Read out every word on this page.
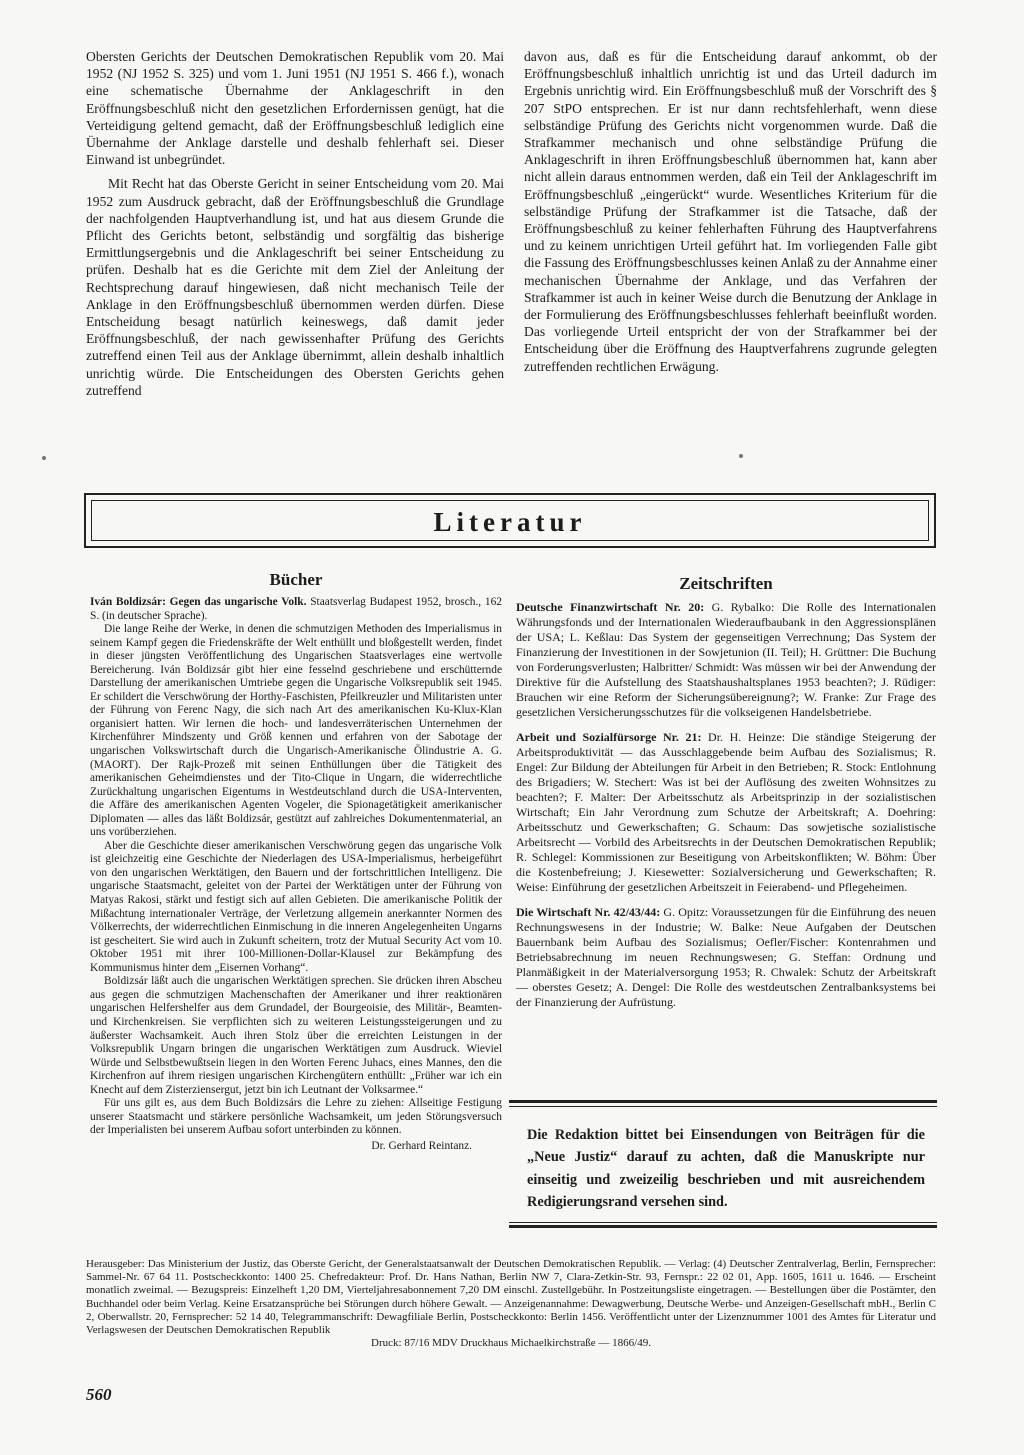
Obersten Gerichts der Deutschen Demokratischen Republik vom 20. Mai 1952 (NJ 1952 S. 325) und vom 1. Juni 1951 (NJ 1951 S. 466 f.), wonach eine schematische Übernahme der Anklageschrift in den Eröffnungsbeschluß nicht den gesetzlichen Erfordernissen genügt, hat die Verteidigung geltend gemacht, daß der Eröffnungsbeschluß lediglich eine Übernahme der Anklage darstelle und deshalb fehlerhaft sei. Dieser Einwand ist unbegründet.

Mit Recht hat das Oberste Gericht in seiner Entscheidung vom 20. Mai 1952 zum Ausdruck gebracht, daß der Eröffnungsbeschluß die Grundlage der nachfolgenden Hauptverhandlung ist, und hat aus diesem Grunde die Pflicht des Gerichts betont, selbständig und sorgfältig das bisherige Ermittlungsergebnis und die Anklageschrift bei seiner Entscheidung zu prüfen. Deshalb hat es die Gerichte mit dem Ziel der Anleitung der Rechtsprechung darauf hingewiesen, daß nicht mechanisch Teile der Anklage in den Eröffnungsbeschluß übernommen werden dürfen. Diese Entscheidung besagt natürlich keineswegs, daß damit jeder Eröffnungsbeschluß, der nach gewissenhafter Prüfung des Gerichts zutreffend einen Teil aus der Anklage übernimmt, allein deshalb inhaltlich unrichtig würde. Die Entscheidungen des Obersten Gerichts gehen zutreffend

davon aus, daß es für die Entscheidung darauf ankommt, ob der Eröffnungsbeschluß inhaltlich unrichtig ist und das Urteil dadurch im Ergebnis unrichtig wird. Ein Eröffnungsbeschluß muß der Vorschrift des § 207 StPO entsprechen. Er ist nur dann rechtsfehlerhaft, wenn diese selbständige Prüfung des Gerichts nicht vorgenommen wurde. Daß die Strafkammer mechanisch und ohne selbständige Prüfung die Anklageschrift in ihren Eröffnungsbeschluß übernommen hat, kann aber nicht allein daraus entnommen werden, daß ein Teil der Anklageschrift im Eröffnungsbeschluß „eingerückt“ wurde. Wesentliches Kriterium für die selbständige Prüfung der Strafkammer ist die Tatsache, daß der Eröffnungsbeschluß zu keiner fehlerhaften Führung des Hauptverfahrens und zu keinem unrichtigen Urteil geführt hat. Im vorliegenden Falle gibt die Fassung des Eröffnungsbeschlusses keinen Anlaß zu der Annahme einer mechanischen Übernahme der Anklage, und das Verfahren der Strafkammer ist auch in keiner Weise durch die Benutzung der Anklage in der Formulierung des Eröffnungsbeschlusses fehlerhaft beeinflußt worden. Das vorliegende Urteil entspricht der von der Strafkammer bei der Entscheidung über die Eröffnung des Hauptverfahrens zugrunde gelegten zutreffenden rechtlichen Erwägung.

Literatur
Bücher	Zeitschriften

Iván Boldizsár: Gegen das ungarische Volk. Staatsverlag Budapest 1952, brosch., 162 S. (in deutscher Sprache).

Die lange Reihe der Werke, in denen die schmutzigen Methoden des Imperialismus in seinem Kampf gegen die Friedenskräfte der Welt enthüllt und bloßgestellt werden, findet in dieser jüngsten Veröffentlichung des Ungarischen Staatsverlages eine wertvolle Bereicherung. Iván Boldizsár gibt hier eine fesselnd geschriebene und erschütternde Darstellung der amerikanischen Umtriebe gegen die Ungarische Volksrepublik seit 1945. Er schildert die Verschwörung der Horthy-Faschisten, Pfeilkreuzler und Militaristen unter der Führung von Ferenc Nagy, die sich nach Art des amerikanischen Ku-Klux-Klan organisiert hatten. Wir lernen die hoch- und landesverräterischen Unternehmen der Kirchenführer Mindszenty und Größ kennen und erfahren von der Sabotage der ungarischen Volkswirtschaft durch die Ungarisch-Amerikanische Ölindustrie A. G. (MAORT). Der Rajk-Prozeß mit seinen Enthüllungen über die Tätigkeit des amerikanischen Geheimdienstes und der Tito-Clique in Ungarn, die widerrechtliche Zurückhaltung ungarischen Eigentums in Westdeutschland durch die USA-Interventen, die Affäre des amerikanischen Agenten Vogeler, die Spionagetätigkeit amerikanischer Diplomaten — alles das läßt Boldizsár, gestützt auf zahlreiches Dokumentenmaterial, an uns vorüberziehen.

Aber die Geschichte dieser amerikanischen Verschwörung gegen das ungarische Volk ist gleichzeitig eine Geschichte der Niederlagen des USA-Imperialismus, herbeigeführt von den ungarischen Werktätigen, den Bauern und der fortschrittlichen Intelligenz. Die ungarische Staatsmacht, geleitet von der Partei der Werktätigen unter der Führung von Matyas Rakosi, stärkt und festigt sich auf allen Gebieten. Die amerikanische Politik der Mißachtung internationaler Verträge, der Verletzung allgemein anerkannter Normen des Völkerrechts, der widerrechtlichen Einmischung in die inneren Angelegenheiten Ungarns ist gescheitert. Sie wird auch in Zukunft scheitern, trotz der Mutual Security Act vom 10. Oktober 1951 mit ihrer 100-Millionen-Dollar-Klausel zur Bekämpfung des Kommunismus hinter dem „Eisernen Vorhang“.

Boldizsár läßt auch die ungarischen Werktätigen sprechen. Sie drücken ihren Abscheu aus gegen die schmutzigen Machenschaften der Amerikaner und ihrer reaktionären ungarischen Helfershelfer aus dem Grundadel, der Bourgeoisie, des Militär-, Beamten- und Kirchenkreisen. Sie verpflichten sich zu weiteren Leistungssteigerungen und zu äußerster Wachsamkeit. Auch ihren Stolz über die erreichten Leistungen in der Volksrepublik Ungarn bringen die ungarischen Werktätigen zum Ausdruck. Wieviel Würde und Selbstbewußtsein liegen in den Worten Ferenc Juhacs, eines Mannes, den die Kirchenfron auf ihrem riesigen ungarischen Kirchengütern enthüllt: „Früher war ich ein Knecht auf dem Zisterziensergut, jetzt bin ich Leutnant der Volksarmee.“

Für uns gilt es, aus dem Buch Boldizsárs die Lehre zu ziehen: Allseitige Festigung unserer Staatsmacht und stärkere persönliche Wachsamkeit, um jeden Störungsversuch der Imperialisten bei unserem Aufbau sofort unterbinden zu können.

Dr. Gerhard Reintanz.

Deutsche Finanzwirtschaft Nr. 20: G. Rybalko: Die Rolle des Internationalen Währungsfonds und der Internationalen Wiederaufbaubank in den Aggressionsplänen der USA; L. Keßlau: Das System der gegenseitigen Verrechnung; Das System der Finanzierung der Investitionen in der Sowjetunion (II. Teil); H. Grüttner: Die Buchung von Forderungsverlusten; Halbritter/ Schmidt: Was müssen wir bei der Anwendung der Direktive für die Aufstellung des Staatshaushaltsplanes 1953 beachten?; J. Rüdiger: Brauchen wir eine Reform der Sicherungsübereignung?; W. Franke: Zur Frage des gesetzlichen Versicherungsschutzes für die volkseigenen Handelsbetriebe.

Arbeit und Sozialfürsorge Nr. 21: Dr. H. Heinze: Die ständige Steigerung der Arbeitsproduktivität — das Ausschlaggebende beim Aufbau des Sozialismus; R. Engel: Zur Bildung der Abteilungen für Arbeit in den Betrieben; R. Stock: Entlohnung des Brigadiers; W. Stechert: Was ist bei der Auflösung des zweiten Wohnsitzes zu beachten?; F. Malter: Der Arbeitsschutz als Arbeitsprinzip in der sozialistischen Wirtschaft; Ein Jahr Verordnung zum Schutze der Arbeitskraft; A. Doehring: Arbeitsschutz und Gewerkschaften; G. Schaum: Das sowjetische sozialistische Arbeitsrecht — Vorbild des Arbeitsrechts in der Deutschen Demokratischen Republik; R. Schlegel: Kommissionen zur Beseitigung von Arbeitskonflikten; W. Böhm: Über die Kostenbefreiung; J. Kiesewetter: Sozialversicherung und Gewerkschaften; R. Weise: Einführung der gesetzlichen Arbeitszeit in Feierabend- und Pflegeheimen.

Die Wirtschaft Nr. 42/43/44: G. Opitz: Voraussetzungen für die Einführung des neuen Rechnungswesens in der Industrie; W. Balke: Neue Aufgaben der Deutschen Bauernbank beim Aufbau des Sozialismus; Oefler/Fischer: Kontenrahmen und Betriebsabrechnung im neuen Rechnungswesen; G. Steffan: Ordnung und Planmäßigkeit in der Materialversorgung 1953; R. Chwalek: Schutz der Arbeitskraft — oberstes Gesetz; A. Dengel: Die Rolle des westdeutschen Zentralbanksystems bei der Finanzierung der Aufrüstung.

Die Redaktion bittet bei Einsendungen von Beiträgen für die „Neue Justiz“ darauf zu achten, daß die Manuskripte nur einseitig und zweizeilig beschrieben und mit ausreichendem Redigierungsrand versehen sind.
Herausgeber: Das Ministerium der Justiz, das Oberste Gericht, der Generalstaatsanwalt der Deutschen Demokratischen Republik. — Verlag: (4) Deutscher Zentralverlag, Berlin, Fernsprecher: Sammel-Nr. 67 64 11. Postscheckkonto: 1400 25. Chefredakteur: Prof. Dr. Hans Nathan, Berlin NW 7, Clara-Zetkin-Str. 93, Fernspr.: 22 02 01, App. 1605, 1611 u. 1646. — Erscheint monatlich zweimal. — Bezugspreis: Einzelheft 1,20 DM, Vierteljahresabonnement 7,20 DM einschl. Zustellgebühr. In Postzeitungsliste eingetragen. — Bestellungen über die Postämter, den Buchhandel oder beim Verlag. Keine Ersatzansprüche bei Störungen durch höhere Gewalt. — Anzeigenannahme: Dewagwerbung, Deutsche Werbe- und Anzeigen-Gesellschaft mbH., Berlin C 2, Oberwallstr. 20, Fernsprecher: 52 14 40, Telegrammanschrift: Dewagfiliale Berlin, Postscheckkonto: Berlin 1456. Veröffentlicht unter der Lizenznummer 1001 des Amtes für Literatur und Verlagswesen der Deutschen Demokratischen Republik
Druck: 87/16 MDV Druckhaus Michaelkirchstraße — 1866/49.
560
